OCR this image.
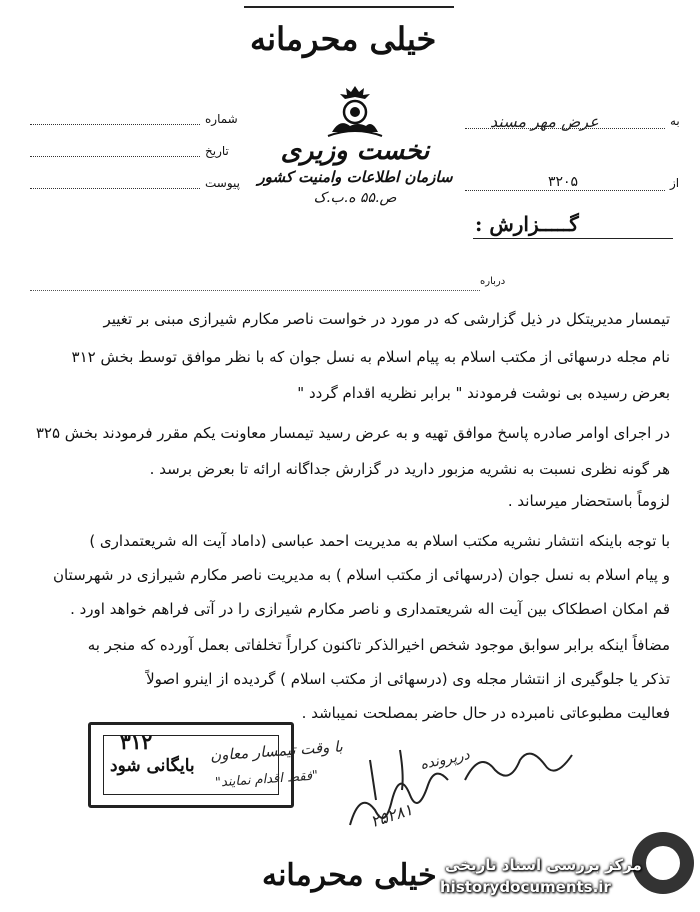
خیلی محرمانه
نخست وزیری
سازمان اطلاعات وامنیت کشور
ص.۵۵ ه.ب.ک
شماره
تاریخ
پیوست
به
عرض مهر مسند
از
۳۲۰۵
گـــــزارش :
درباره
تیمسار مدیریتکل در ذیل گزارشی که در مورد در خواست ناصر مکارم شیرازی مبنی بر تغییر
نام مجله درسهائی از مکتب اسلام به پیام اسلام به نسل جوان که با نظر موافق توسط بخش ۳۱۲
بعرض رسیده بی نوشت فرمودند " برابر نظریه اقدام گردد "
در اجرای اوامر صادره پاسخ موافق تهیه و به عرض رسید تیمسار معاونت یکم مقرر فرمودند بخش ۳۲۵
هر گونه نظری نسبت به نشریه مزبور دارید در گزارش جداگانه ارائه تا بعرض برسد .
لزوماً باستحضار میرساند .
با توجه باینکه انتشار نشریه مکتب اسلام به مدیریت احمد عباسی (داماد آیت اله شریعتمداری )
و پیام اسلام به نسل جوان (درسهائی از مکتب اسلام ) به مدیریت ناصر مکارم شیرازی در شهرستان
قم امکان اصطکاک بین آیت اله شریعتمداری و ناصر مکارم شیرازی را در آتی فراهم خواهد اورد .
مضافاً اینکه برابر سوابق موجود شخص اخیرالذکر تاکنون کراراً تخلفاتی بعمل آورده که منجر به
تذکر یا جلوگیری از انتشار مجله وی (درسهائی از مکتب اسلام ) گردیده از اینرو اصولاً
فعالیت مطبوعاتی نامبرده در حال حاضر بمصلحت نمیباشد .
۳۱۲
بایگانی شود
با وقت تیمسار معاون
"فقط اقدام نمایند"
درپرونده
۲۵۲۸۱
خیلی محرمانه مرکز بررسی اسناد تاریخی
historydocuments.ir
